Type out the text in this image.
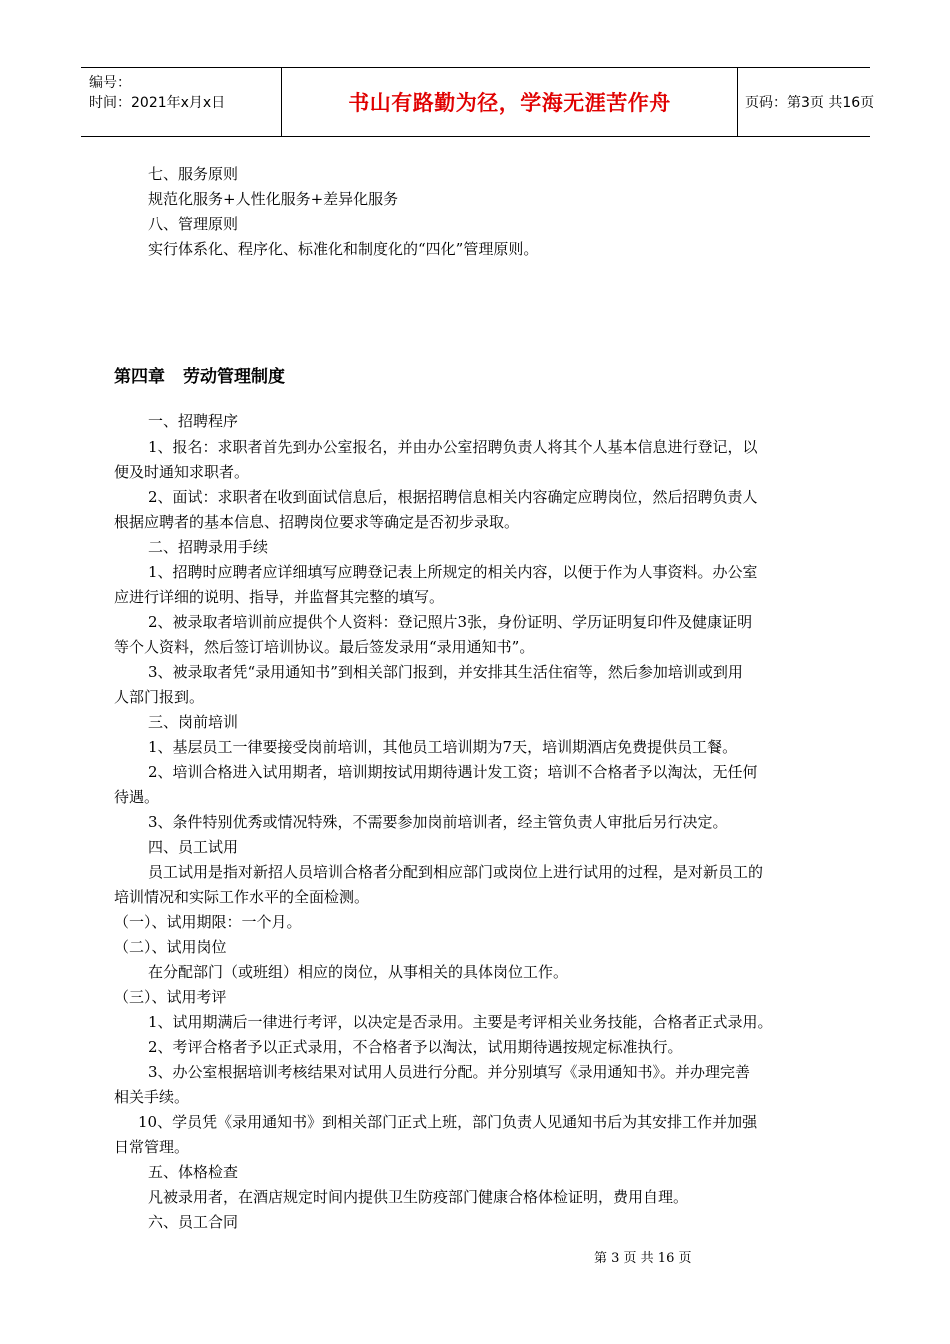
编号：
时间：2021年x月x日	书山有路勤为径，学海无涯苦作舟	页码：第3页 共16页
七、服务原则
规范化服务+人性化服务+差异化服务
八、管理原则
实行体系化、程序化、标准化和制度化的“四化”管理原则。
第四章 劳动管理制度
一、招聘程序
1、报名：求职者首先到办公室报名，并由办公室招聘负责人将其个人基本信息进行登记，以
便及时通知求职者。
2、面试：求职者在收到面试信息后，根据招聘信息相关内容确定应聘岗位，然后招聘负责人
根据应聘者的基本信息、招聘岗位要求等确定是否初步录取。
二、招聘录用手续
1、招聘时应聘者应详细填写应聘登记表上所规定的相关内容，以便于作为人事资料。办公室
应进行详细的说明、指导，并监督其完整的填写。
2、被录取者培训前应提供个人资料：登记照片3张，身份证明、学历证明复印件及健康证明
等个人资料，然后签订培训协议。最后签发录用“录用通知书”。
3、被录取者凭“录用通知书”到相关部门报到，并安排其生活住宿等，然后参加培训或到用
人部门报到。
三、岗前培训
1、基层员工一律要接受岗前培训，其他员工培训期为7天，培训期酒店免费提供员工餐。
2、培训合格进入试用期者，培训期按试用期待遇计发工资；培训不合格者予以淘汰，无任何
待遇。
3、条件特别优秀或情况特殊，不需要参加岗前培训者，经主管负责人审批后另行决定。
四、员工试用
员工试用是指对新招人员培训合格者分配到相应部门或岗位上进行试用的过程，是对新员工的
培训情况和实际工作水平的全面检测。
（一）、试用期限：一个月。
（二）、试用岗位
在分配部门（或班组）相应的岗位，从事相关的具体岗位工作。
（三）、试用考评
1、试用期满后一律进行考评，以决定是否录用。主要是考评相关业务技能，合格者正式录用。
2、考评合格者予以正式录用，不合格者予以淘汰，试用期待遇按规定标准执行。
3、办公室根据培训考核结果对试用人员进行分配。并分别填写《录用通知书》。并办理完善
相关手续。
10、学员凭《录用通知书》到相关部门正式上班，部门负责人见通知书后为其安排工作并加强
日常管理。
五、体格检查
凡被录用者，在酒店规定时间内提供卫生防疫部门健康合格体检证明，费用自理。
六、员工合同
第 3 页 共 16 页
